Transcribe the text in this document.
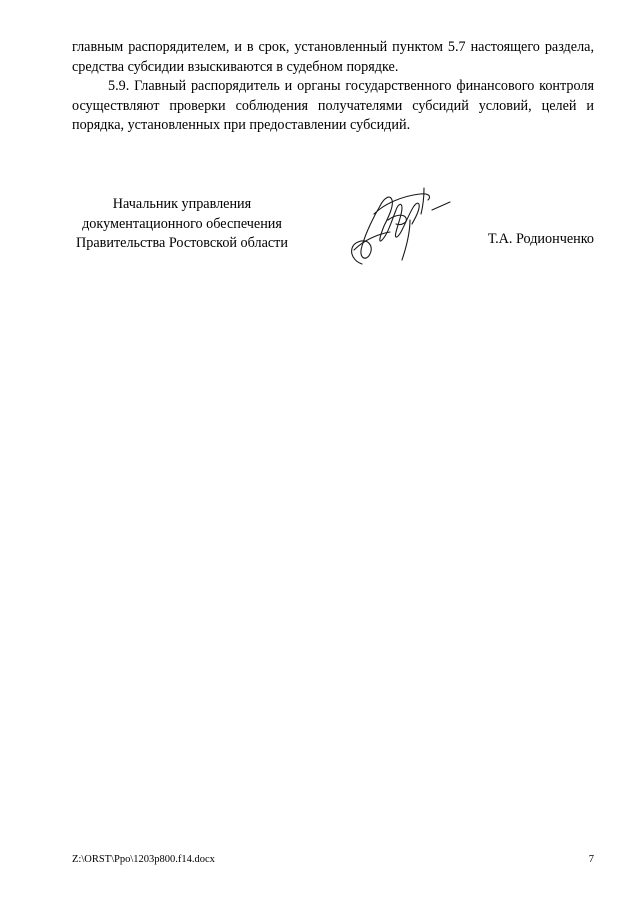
главным распорядителем, и в срок, установленный пунктом 5.7 настоящего раздела, средства субсидии взыскиваются в судебном порядке.

5.9. Главный распорядитель и органы государственного финансового контроля осуществляют проверки соблюдения получателями субсидий условий, целей и порядка, установленных при предоставлении субсидий.

Начальник управления
документационного обеспечения
Правительства Ростовской области	Т.А. Родионченко
Z:\ORST\Ppo\1203p800.f14.docx	7
